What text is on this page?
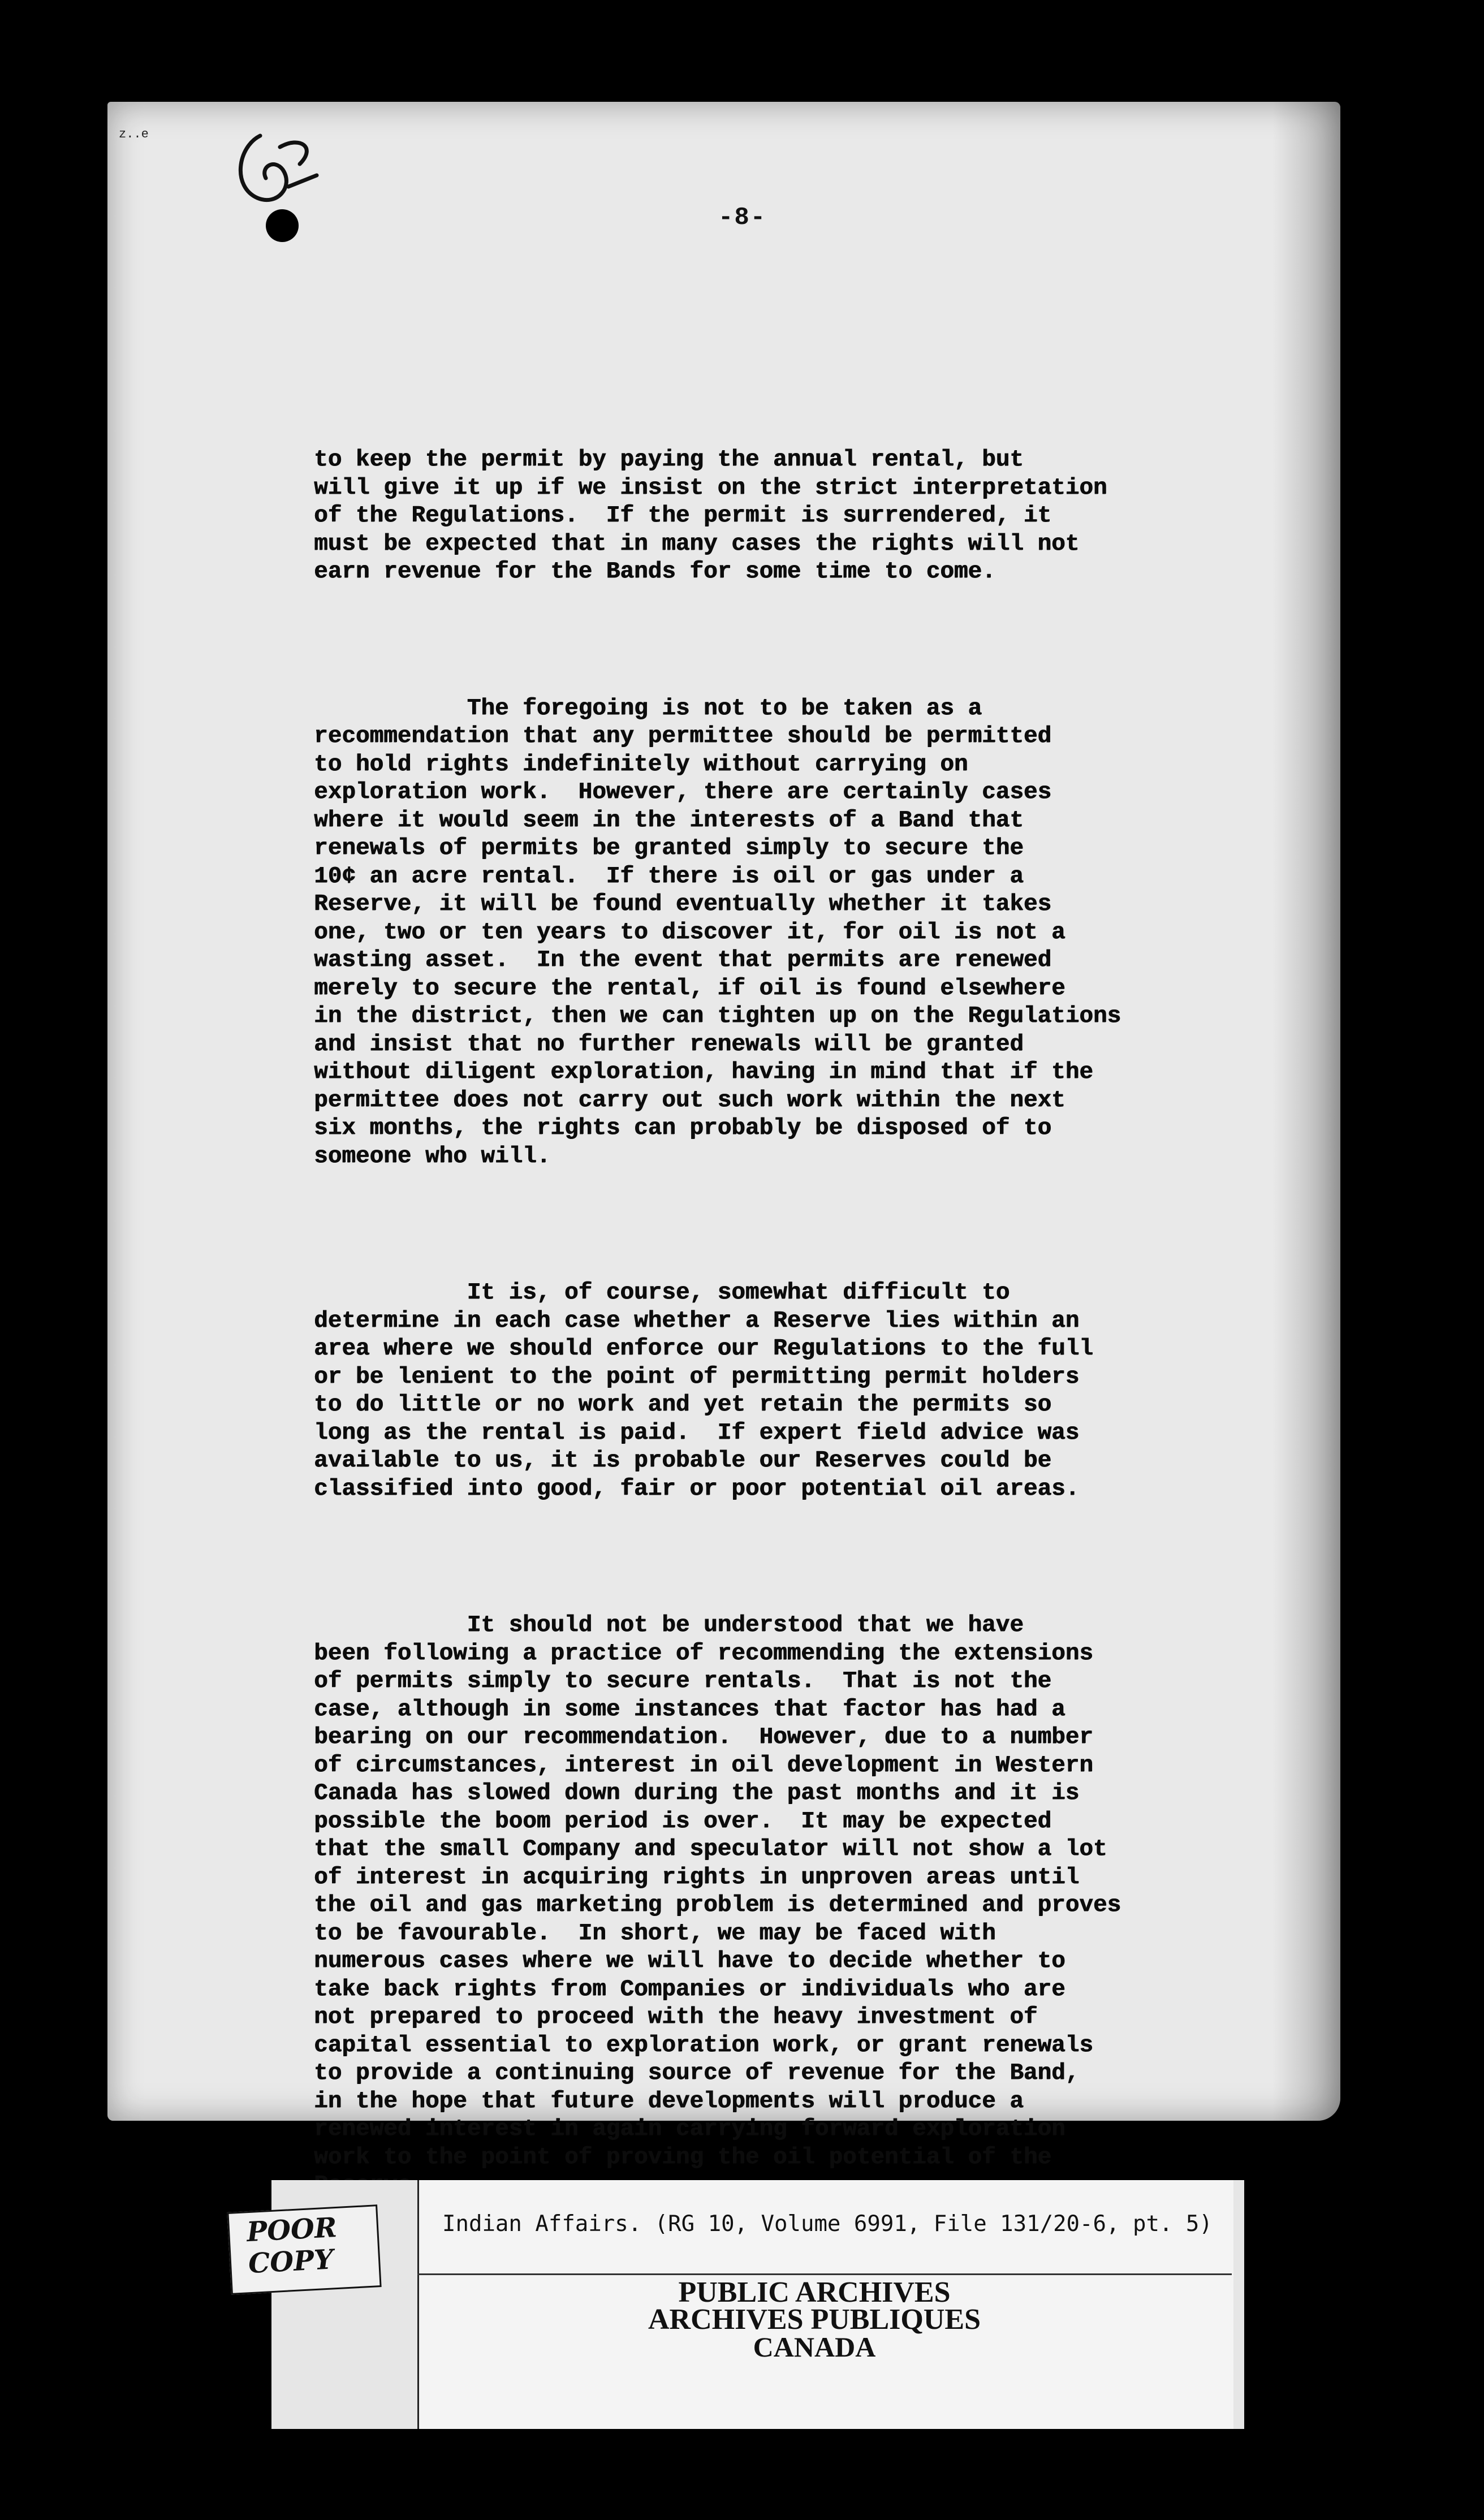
z..e
-8-

to keep the permit by paying the annual rental, but
will give it up if we insist on the strict interpretation
of the Regulations.  If the permit is surrendered, it
must be expected that in many cases the rights will not
earn revenue for the Bands for some time to come.

The foregoing is not to be taken as a
recommendation that any permittee should be permitted
to hold rights indefinitely without carrying on
exploration work.  However, there are certainly cases
where it would seem in the interests of a Band that
renewals of permits be granted simply to secure the
10¢ an acre rental.  If there is oil or gas under a
Reserve, it will be found eventually whether it takes
one, two or ten years to discover it, for oil is not a
wasting asset.  In the event that permits are renewed
merely to secure the rental, if oil is found elsewhere
in the district, then we can tighten up on the Regulations
and insist that no further renewals will be granted
without diligent exploration, having in mind that if the
permittee does not carry out such work within the next
six months, the rights can probably be disposed of to
someone who will.

It is, of course, somewhat difficult to
determine in each case whether a Reserve lies within an
area where we should enforce our Regulations to the full
or be lenient to the point of permitting permit holders
to do little or no work and yet retain the permits so
long as the rental is paid.  If expert field advice was
available to us, it is probable our Reserves could be
classified into good, fair or poor potential oil areas.

It should not be understood that we have
been following a practice of recommending the extensions
of permits simply to secure rentals.  That is not the
case, although in some instances that factor has had a
bearing on our recommendation.  However, due to a number
of circumstances, interest in oil development in Western
Canada has slowed down during the past months and it is
possible the boom period is over.  It may be expected
that the small Company and speculator will not show a lot
of interest in acquiring rights in unproven areas until
the oil and gas marketing problem is determined and proves
to be favourable.  In short, we may be faced with
numerous cases where we will have to decide whether to
take back rights from Companies or individuals who are
not prepared to proceed with the heavy investment of
capital essential to exploration work, or grant renewals
to provide a continuing source of revenue for the Band,
in the hope that future developments will produce a
renewed interest in again carrying forward exploration
work to the point of proving the oil potential of the

POOR
COPY
Indian Affairs. (RG 10, Volume 6991, File 131/20-6, pt. 5)
PUBLIC ARCHIVES
ARCHIVES PUBLIQUES
CANADA
